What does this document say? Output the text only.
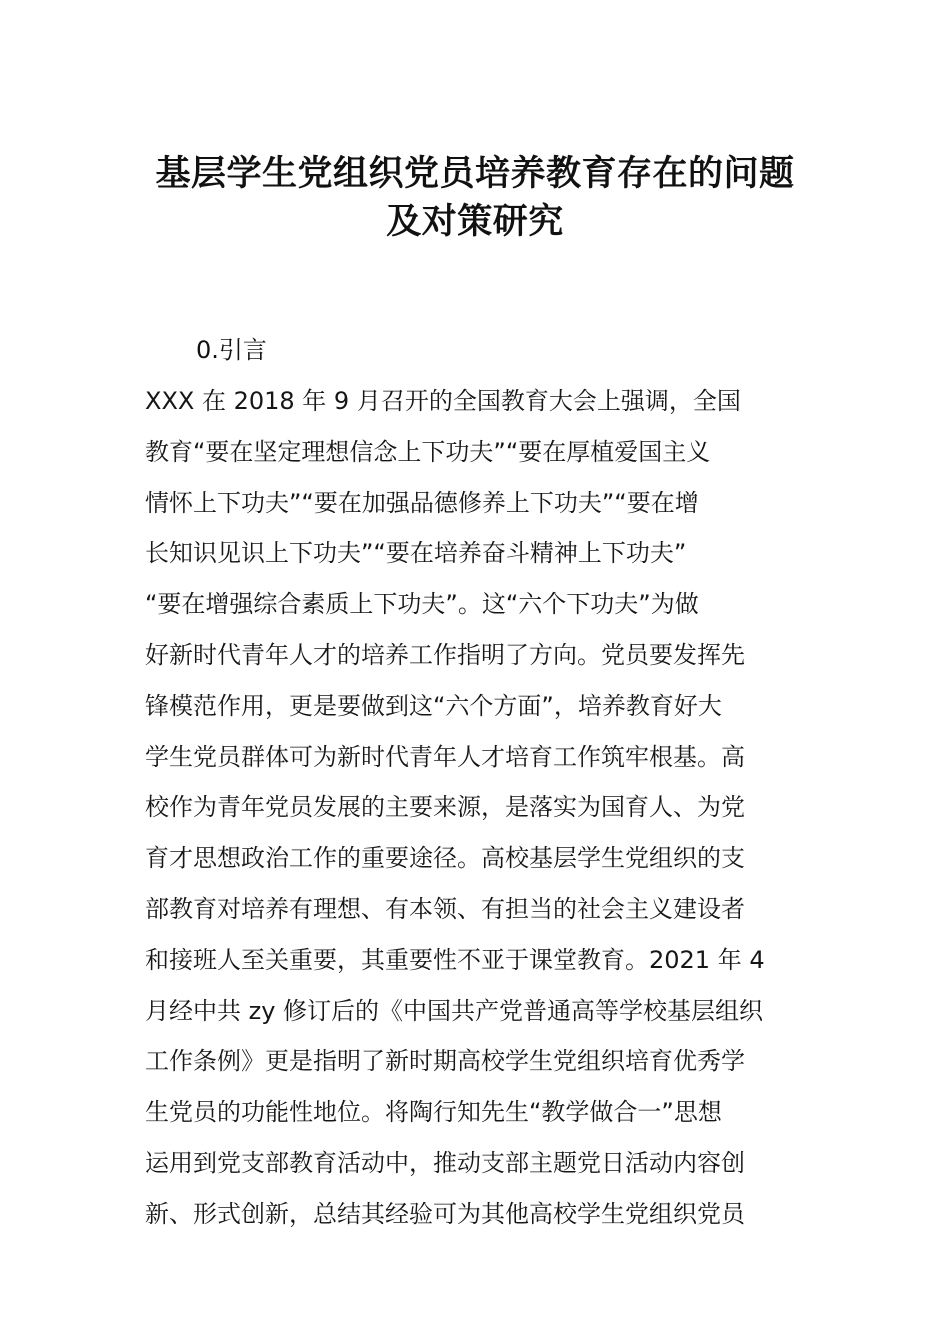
基层学生党组织党员培养教育存在的问题
及对策研究
0.引言
XXX 在 2018 年 9 月召开的全国教育大会上强调，全国
教育“要在坚定理想信念上下功夫”“要在厚植爱国主义
情怀上下功夫”“要在加强品德修养上下功夫”“要在增
长知识见识上下功夫”“要在培养奋斗精神上下功夫”
“要在增强综合素质上下功夫”。这“六个下功夫”为做
好新时代青年人才的培养工作指明了方向。党员要发挥先
锋模范作用，更是要做到这“六个方面”，培养教育好大
学生党员群体可为新时代青年人才培育工作筑牢根基。高
校作为青年党员发展的主要来源，是落实为国育人、为党
育才思想政治工作的重要途径。高校基层学生党组织的支
部教育对培养有理想、有本领、有担当的社会主义建设者
和接班人至关重要，其重要性不亚于课堂教育。2021 年 4
月经中共 zy 修订后的《中国共产党普通高等学校基层组织
工作条例》更是指明了新时期高校学生党组织培育优秀学
生党员的功能性地位。将陶行知先生“教学做合一”思想
运用到党支部教育活动中，推动支部主题党日活动内容创
新、形式创新，总结其经验可为其他高校学生党组织党员
